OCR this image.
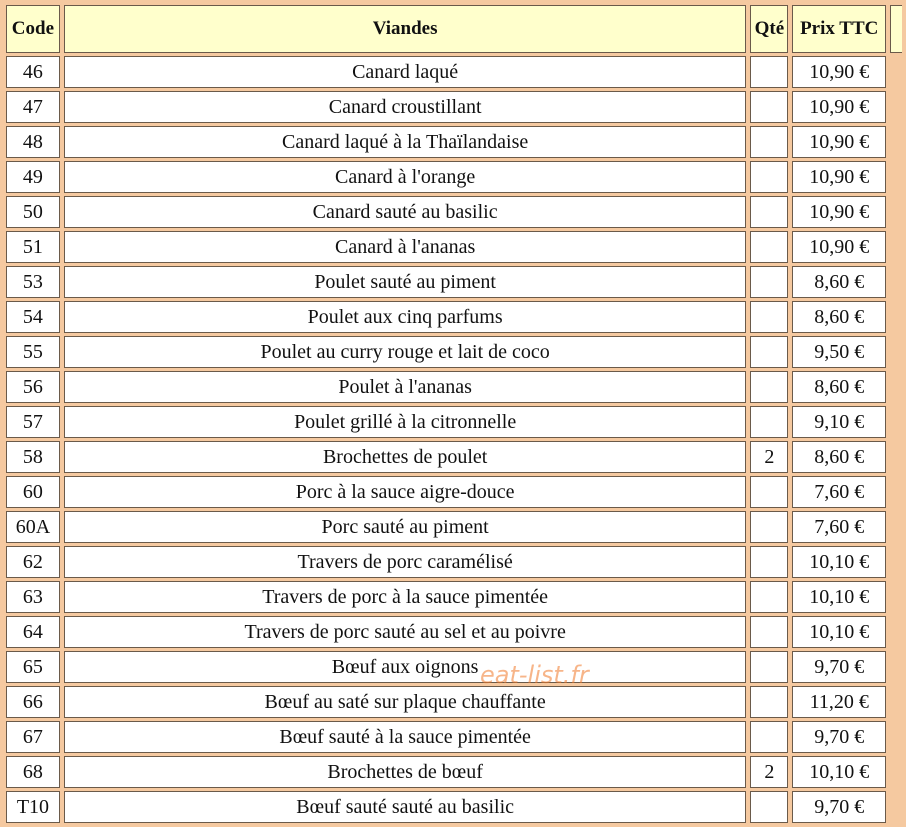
Code	Viandes	Qté	Prix TTC	
46	Canard laqué		10,90 €	
47	Canard croustillant		10,90 €	
48	Canard laqué à la Thaïlandaise		10,90 €	
49	Canard à l'orange		10,90 €	
50	Canard sauté au basilic		10,90 €	
51	Canard à l'ananas		10,90 €	
53	Poulet sauté au piment		8,60 €	
54	Poulet aux cinq parfums		8,60 €	
55	Poulet au curry rouge et lait de coco		9,50 €	
56	Poulet à l'ananas		8,60 €	
57	Poulet grillé à la citronnelle		9,10 €	
58	Brochettes de poulet	2	8,60 €	
60	Porc à la sauce aigre-douce		7,60 €	
60A	Porc sauté au piment		7,60 €	
62	Travers de porc caramélisé		10,10 €	
63	Travers de porc à la sauce pimentée		10,10 €	
64	Travers de porc sauté au sel et au poivre		10,10 €	
65	Bœuf aux oignons		9,70 €	
66	Bœuf au saté sur plaque chauffante		11,20 €	
67	Bœuf sauté à la sauce pimentée		9,70 €	
68	Brochettes de bœuf	2	10,10 €	
T10	Bœuf sauté sauté au basilic		9,70 €	
eat-list.fr
